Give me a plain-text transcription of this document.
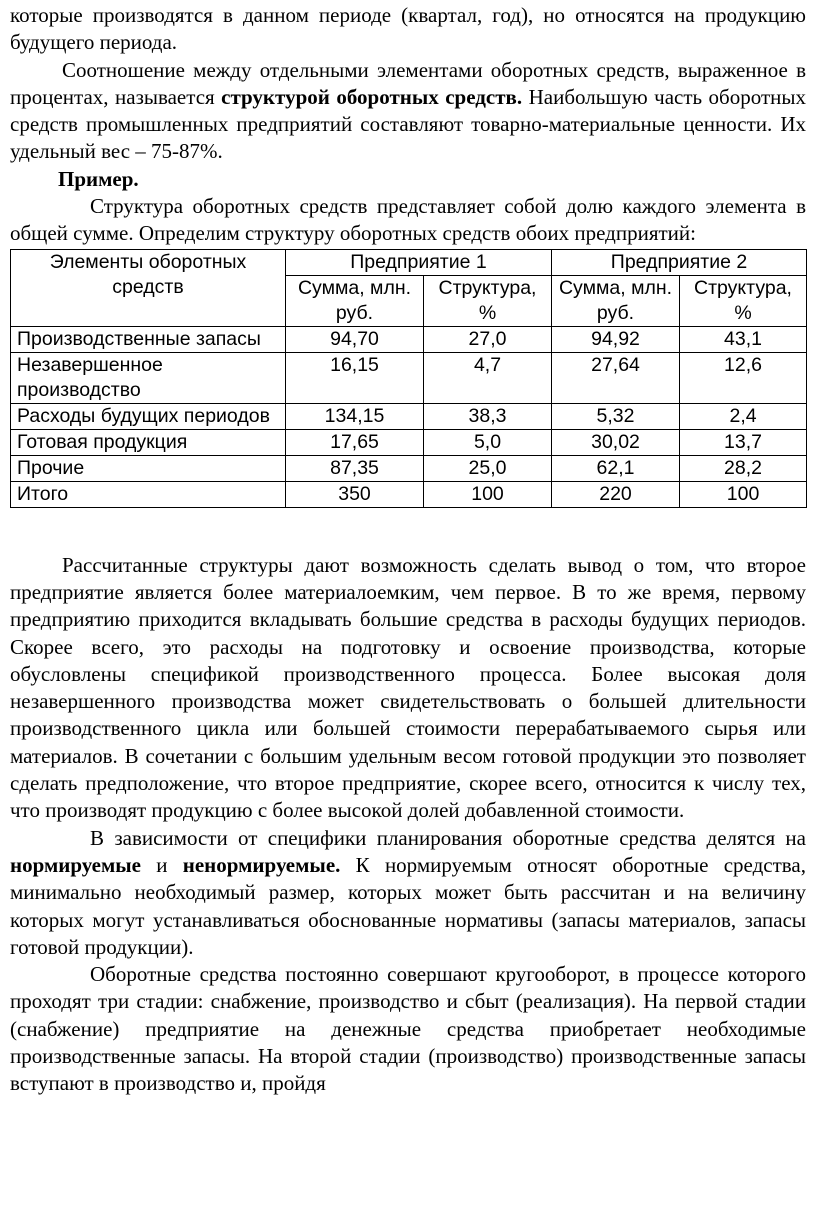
которые производятся в данном периоде (квартал, год), но относятся на продукцию будущего периода.

Соотношение между отдельными элементами оборотных средств, выраженное в процентах, называется структурой оборотных средств. Наибольшую часть оборотных средств промышленных предприятий составляют товарно-материальные ценности. Их удельный вес – 75-87%.

Пример.

Структура оборотных средств представляет собой долю каждого элемента в общей сумме. Определим структуру оборотных средств обоих предприятий:

Элементы оборотных средств	Предприятие 1		Предприятие 2	
	Сумма, млн. руб.	Структура, %	Сумма, млн. руб.	Структура, %
Производственные запасы	94,70	27,0	94,92	43,1
Незавершенное производство	16,15	4,7	27,64	12,6
Расходы будущих периодов	134,15	38,3	5,32	2,4
Готовая продукция	17,65	5,0	30,02	13,7
Прочие	87,35	25,0	62,1	28,2
Итого	350	100	220	100

Рассчитанные структуры дают возможность сделать вывод о том, что второе предприятие является более материалоемким, чем первое. В то же время, первому предприятию приходится вкладывать большие средства в расходы будущих периодов. Скорее всего, это расходы на подготовку и освоение производства, которые обусловлены спецификой производственного процесса. Более высокая доля незавершенного производства может свидетельствовать о большей длительности производственного цикла или большей стоимости перерабатываемого сырья или материалов. В сочетании с большим удельным весом готовой продукции это позволяет сделать предположение, что второе предприятие, скорее всего, относится к числу тех, что производят продукцию с более высокой долей добавленной стоимости.

В зависимости от специфики планирования оборотные средства делятся на нормируемые и ненормируемые. К нормируемым относят оборотные средства, минимально необходимый размер, которых может быть рассчитан и на величину которых могут устанавливаться обоснованные нормативы (запасы материалов, запасы готовой продукции).

Оборотные средства постоянно совершают кругооборот, в процессе которого проходят три стадии: снабжение, производство и сбыт (реализация). На первой стадии (снабжение) предприятие на денежные средства приобретает необходимые производственные запасы. На второй стадии (производство) производственные запасы вступают в производство и, пройдя
